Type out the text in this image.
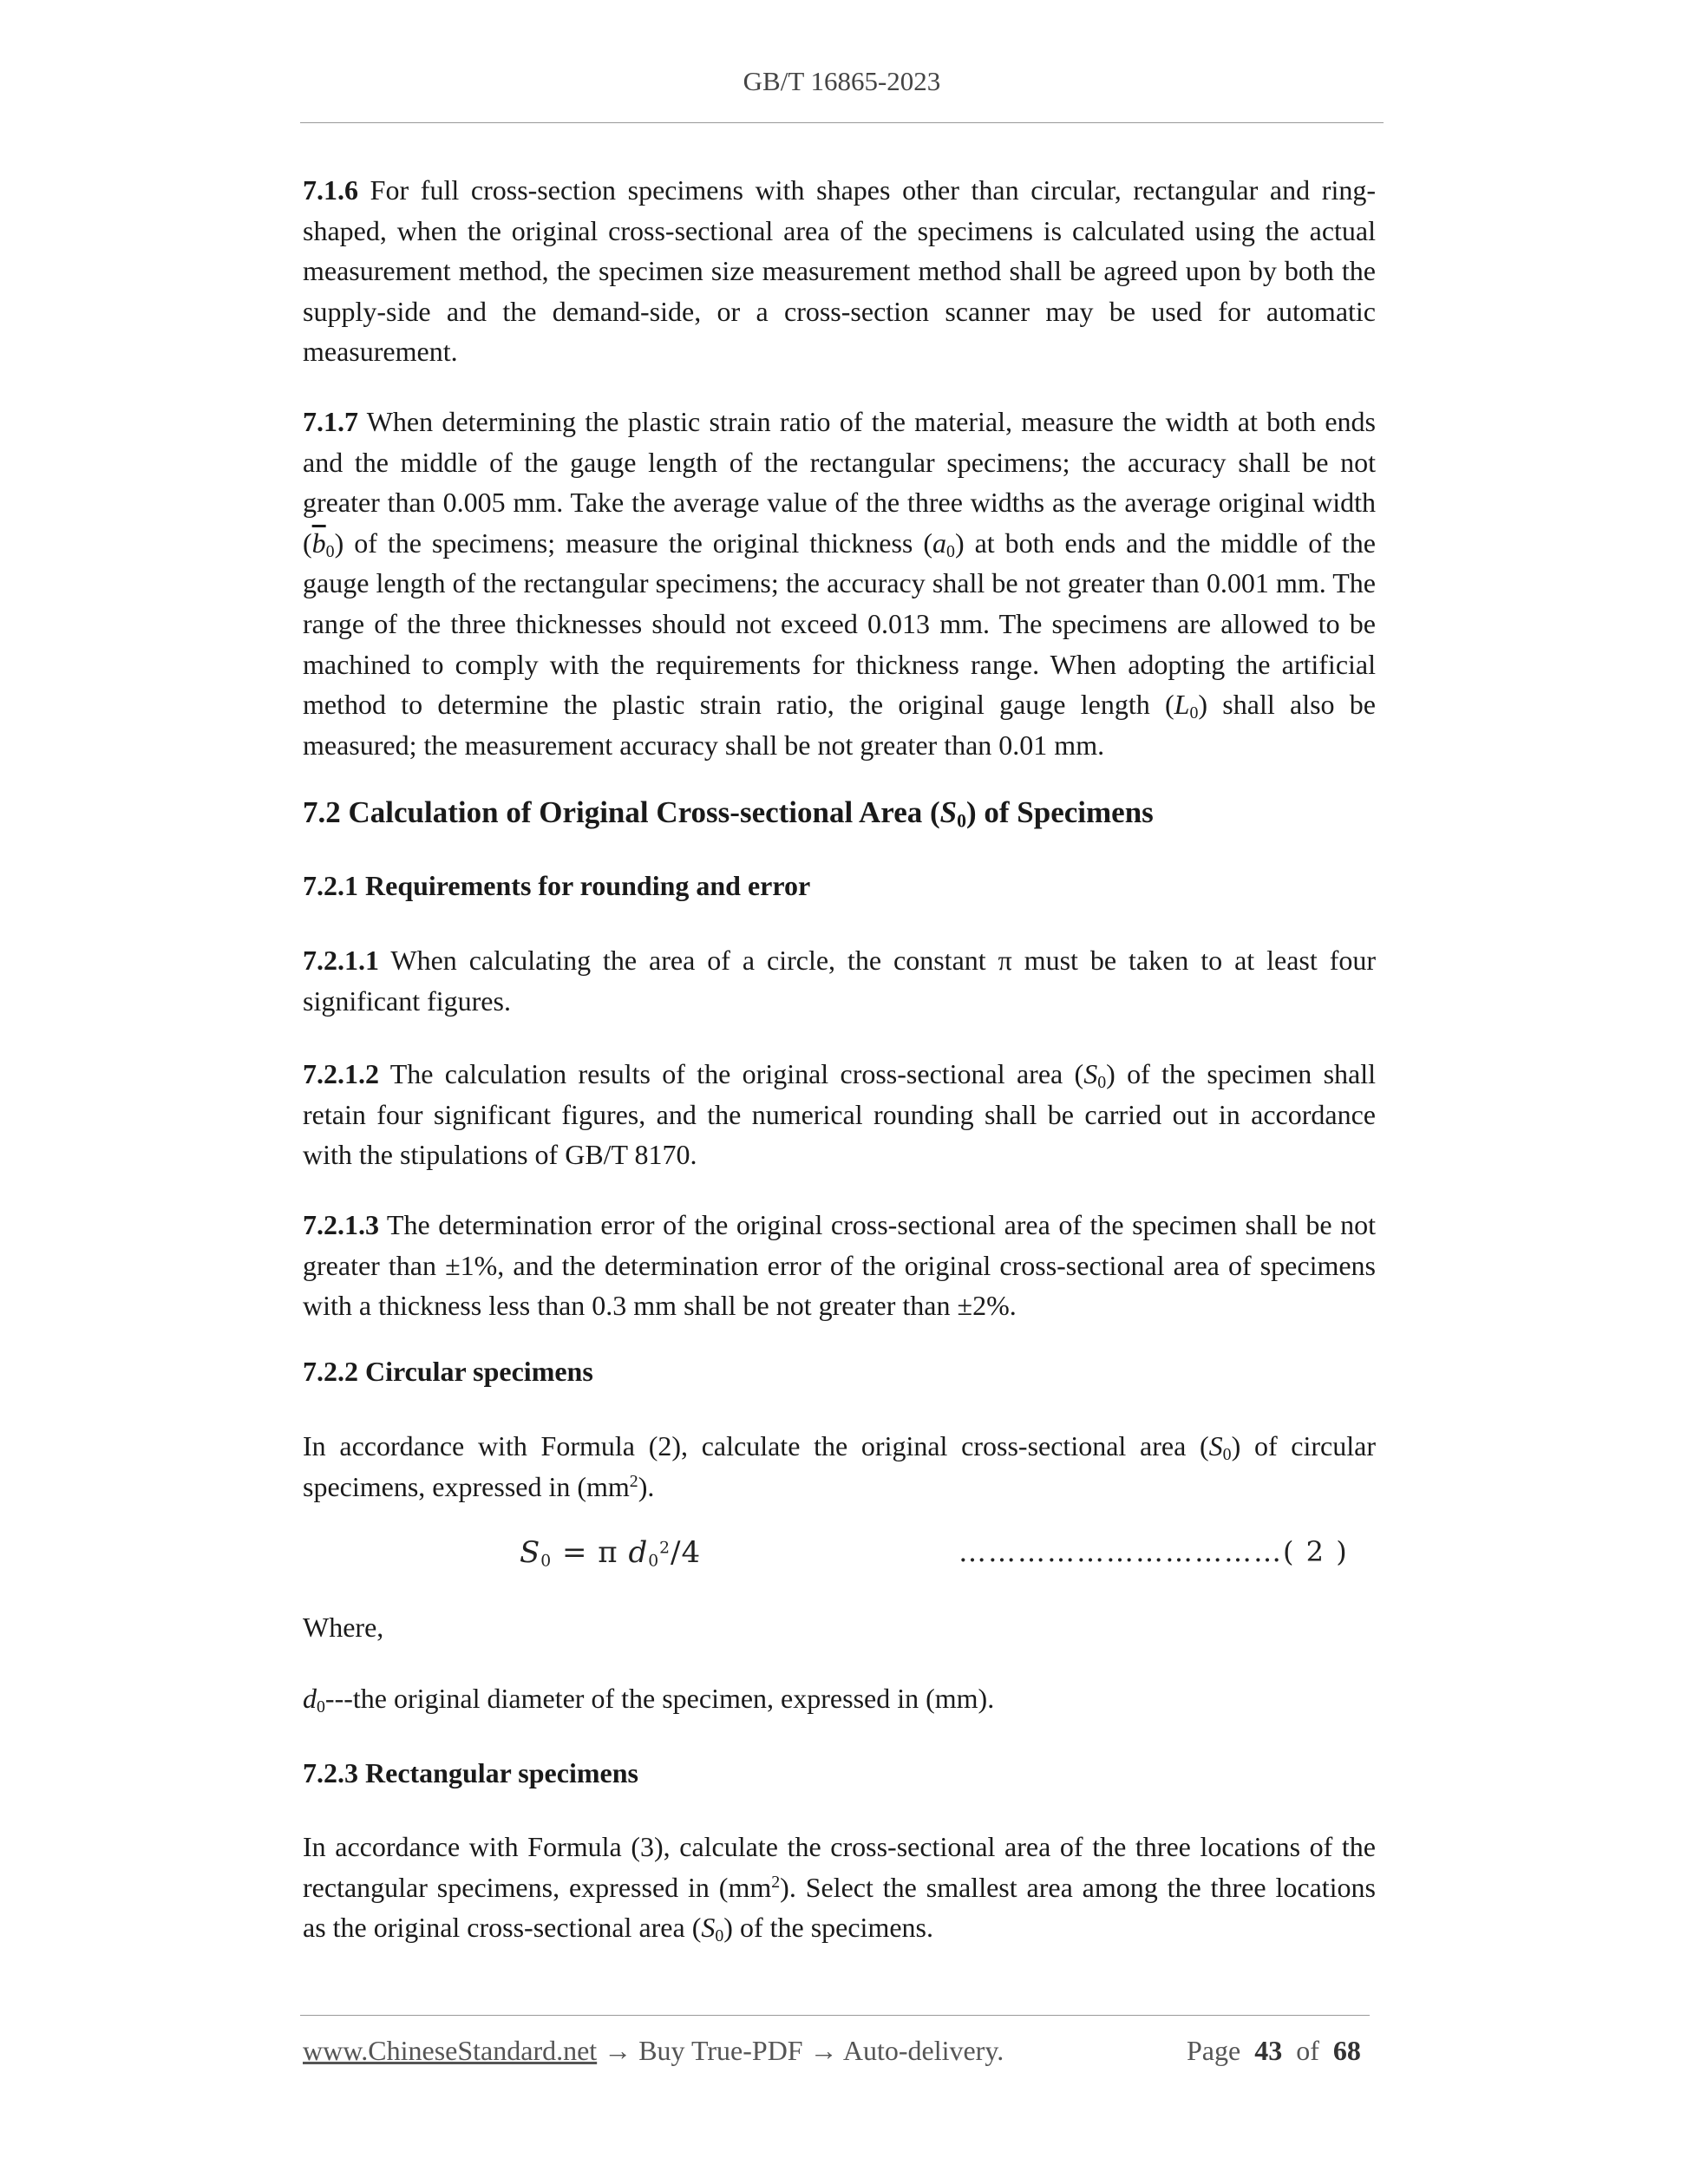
GB/T 16865-2023

7.1.6 For full cross-section specimens with shapes other than circular, rectangular and ring-shaped, when the original cross-sectional area of the specimens is calculated using the actual measurement method, the specimen size measurement method shall be agreed upon by both the supply-side and the demand-side, or a cross-section scanner may be used for automatic measurement.

7.1.7 When determining the plastic strain ratio of the material, measure the width at both ends and the middle of the gauge length of the rectangular specimens; the accuracy shall be not greater than 0.005 mm. Take the average value of the three widths as the average original width $(\overline{b}_0)$ of the specimens; measure the original thickness $(a_0)$ at both ends and the middle of the gauge length of the rectangular specimens; the accuracy shall be not greater than 0.001 mm. The range of the three thicknesses should not exceed 0.013 mm. The specimens are allowed to be machined to comply with the requirements for thickness range. When adopting the artificial method to determine the plastic strain ratio, the original gauge length $(L_0)$ shall also be measured; the measurement accuracy shall be not greater than 0.01 mm.

7.2 Calculation of Original Cross-sectional Area $(S_0)$ of Specimens
7.2.1 Requirements for rounding and error

7.2.1.1 When calculating the area of a circle, the constant π must be taken to at least four significant figures.

7.2.1.2 The calculation results of the original cross-sectional area $(S_0)$ of the specimen shall retain four significant figures, and the numerical rounding shall be carried out in accordance with the stipulations of GB/T 8170.

7.2.1.3 The determination error of the original cross-sectional area of the specimen shall be not greater than ±1%, and the determination error of the original cross-sectional area of specimens with a thickness less than 0.3 mm shall be not greater than ±2%.

7.2.2 Circular specimens

In accordance with Formula (2), calculate the original cross-sectional area $(S_0)$ of circular specimens, expressed in $(mm^2)$.

$S_0 = \pi$ $d_0^2/4$	……………………………( 2 )

Where,

$d_0--$-the original diameter of the specimen, expressed in (mm).

7.2.3 Rectangular specimens

In accordance with Formula (3), calculate the cross-sectional area of the three locations of the rectangular specimens, expressed in $(mm^2)$. Select the smallest area among the three locations as the original cross-sectional area $(S_0)$ of the specimens.

www.ChineseStandard.net → Buy True-PDF → Auto-delivery.	Page 43 of 68
